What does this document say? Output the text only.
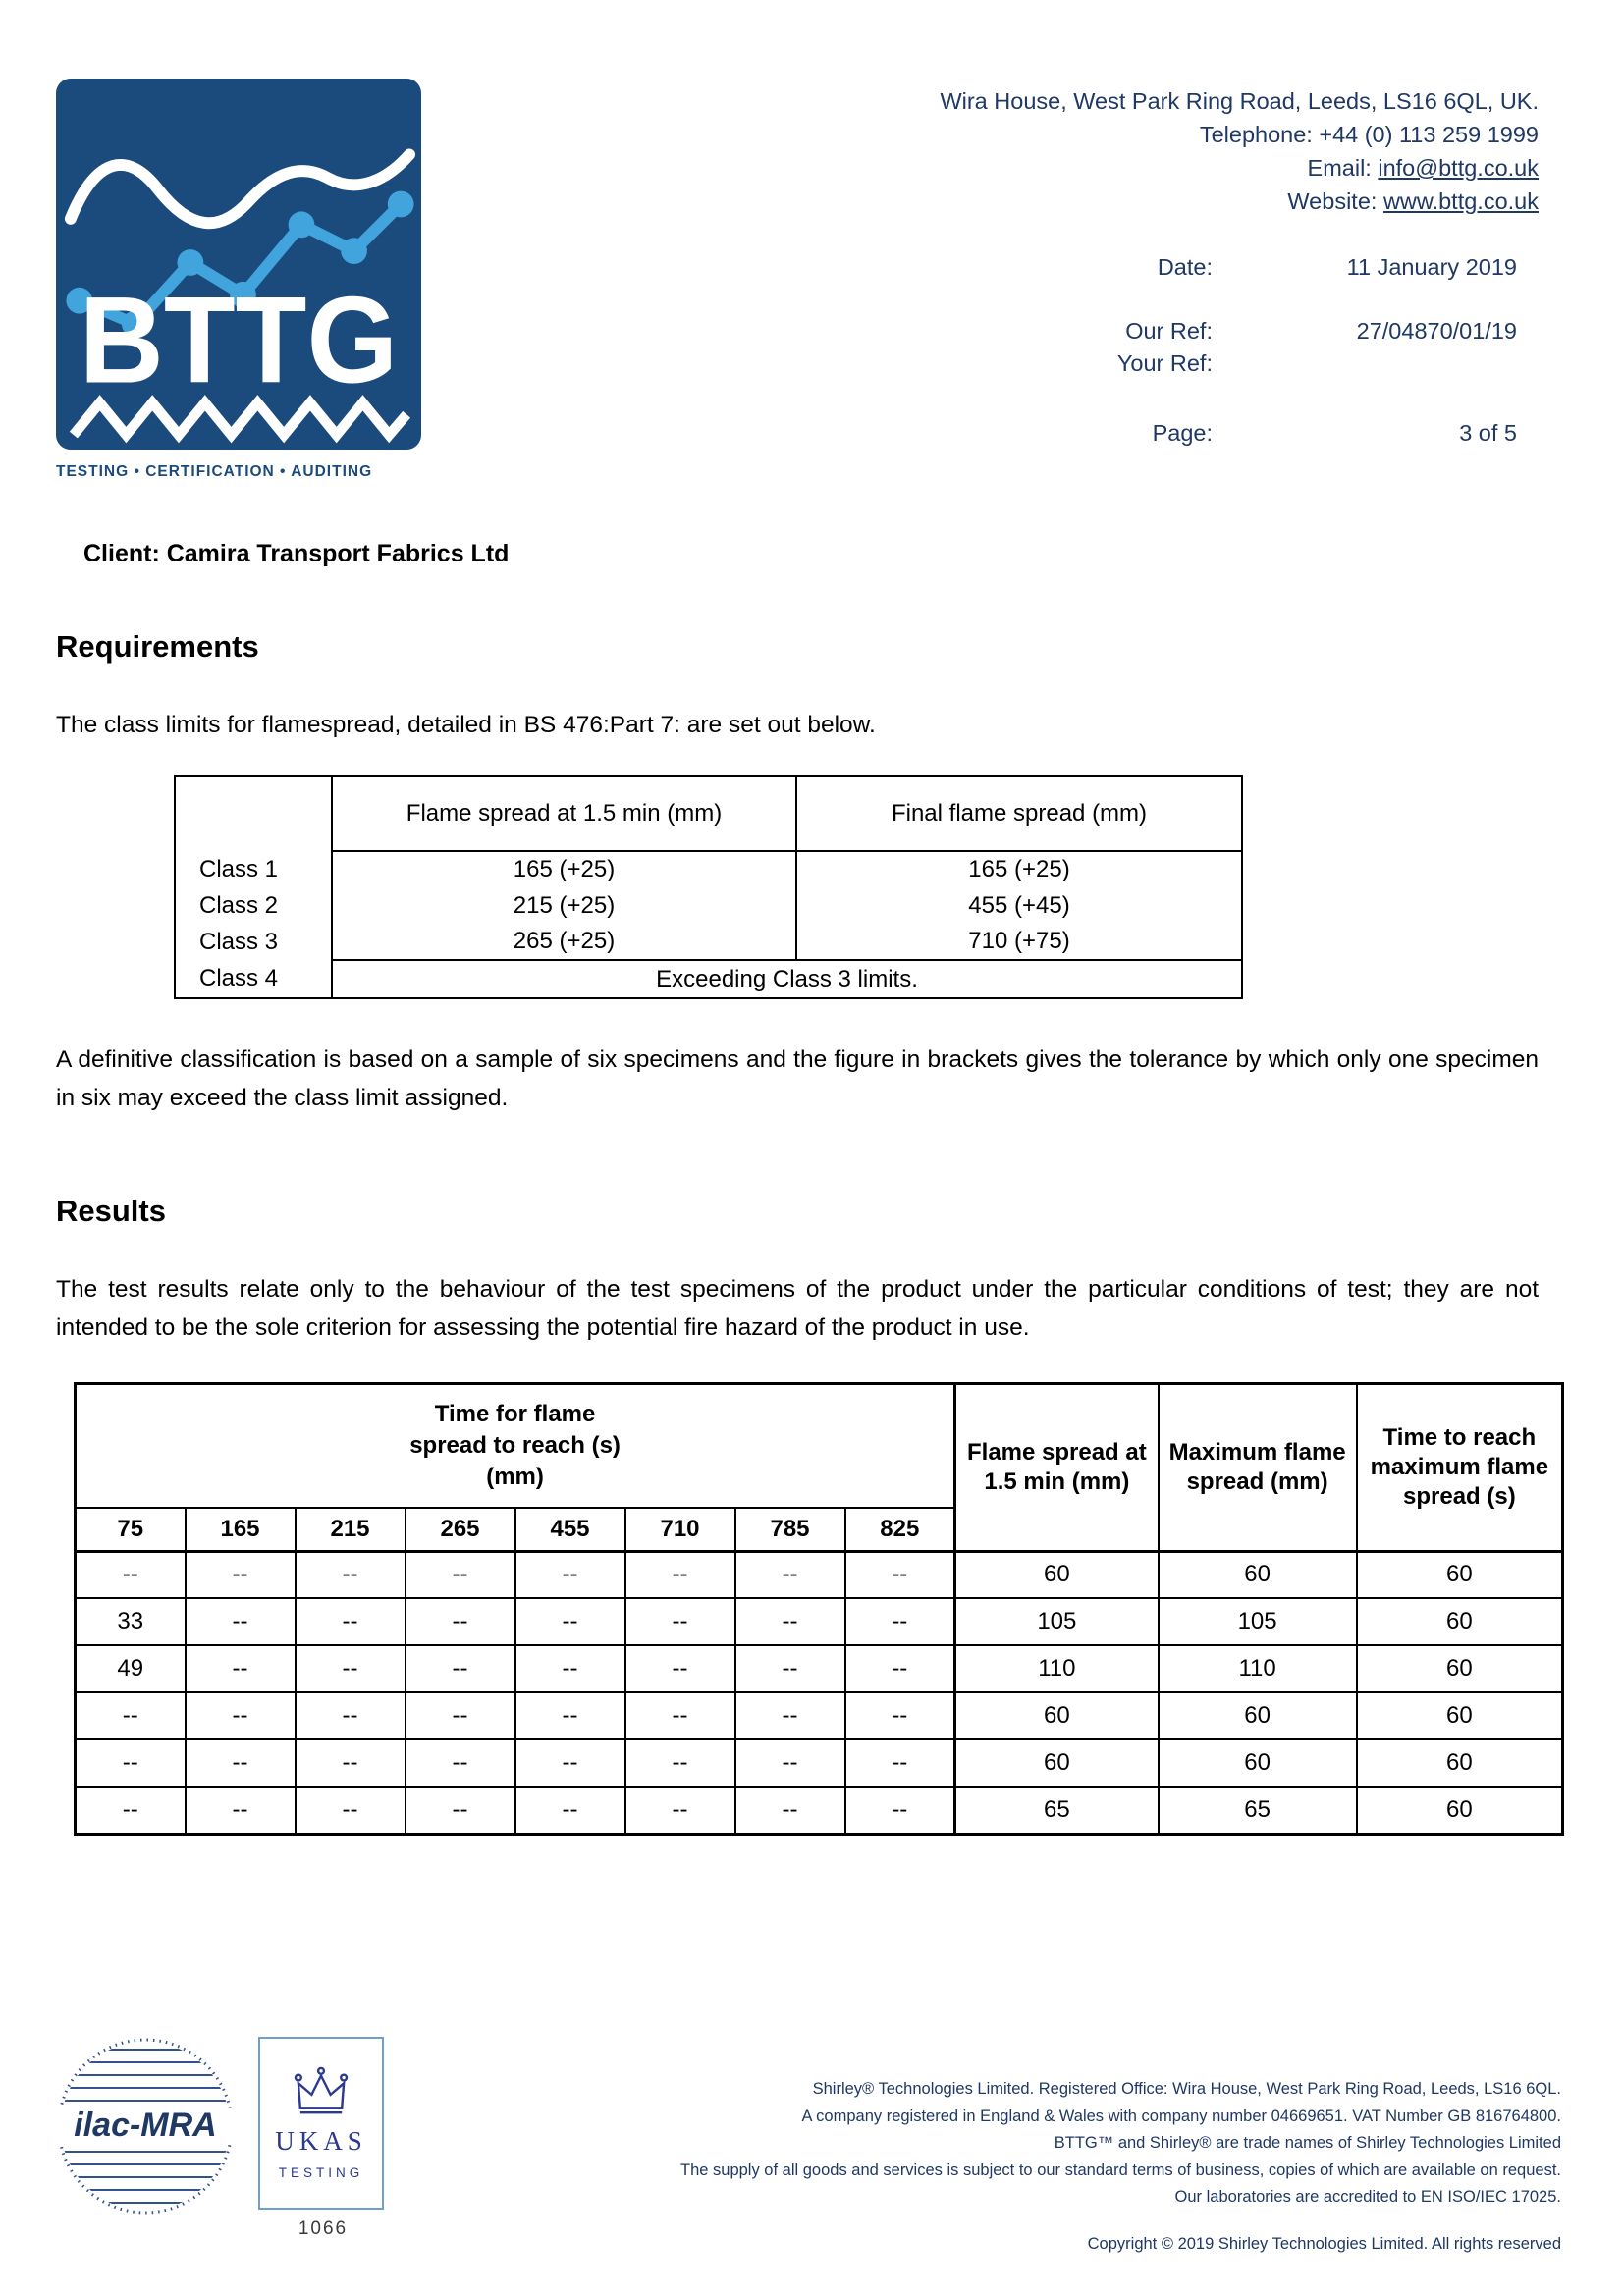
BTTG
TESTING • CERTIFICATION • AUDITING
Wira House, West Park Ring Road, Leeds, LS16 6QL, UK.
Telephone: +44 (0) 113 259 1999
Email: info@bttg.co.uk
Website: www.bttg.co.uk
Date:	11 January 2019
Our Ref:	27/04870/01/19
Your Ref:
Page:	3 of 5
Client: Camira Transport Fabrics Ltd
Requirements

The class limits for flamespread, detailed in BS 476:Part 7: are set out below.

	Flame spread at 1.5 min (mm)	Final flame spread (mm)
Class 1	165 (+25)	165 (+25)
Class 2	215 (+25)	455 (+45)
Class 3	265 (+25)	710 (+75)
Class 4	Exceeding Class 3 limits.	

A definitive classification is based on a sample of six specimens and the figure in brackets gives the tolerance by which only one specimen in six may exceed the class limit assigned.

Results

The test results relate only to the behaviour of the test specimens of the product under the particular conditions of test; they are not intended to be the sole criterion for assessing the potential fire hazard of the product in use.

Time for flame
spread to reach (s)
(mm)								Flame spread at 1.5 min (mm)	Maximum flame spread (mm)	Time to reach maximum flame spread (s)
75	165	215	265	455	710	785	825			
--	--	--	--	--	--	--	--	60	60	60
33	--	--	--	--	--	--	--	105	105	60
49	--	--	--	--	--	--	--	110	110	60
--	--	--	--	--	--	--	--	60	60	60
--	--	--	--	--	--	--	--	60	60	60
--	--	--	--	--	--	--	--	65	65	60
ilac-MRA UKAS
TESTING
1066
Shirley® Technologies Limited. Registered Office: Wira House, West Park Ring Road, Leeds, LS16 6QL.
A company registered in England & Wales with company number 04669651. VAT Number GB 816764800.
BTTG™ and Shirley® are trade names of Shirley Technologies Limited
The supply of all goods and services is subject to our standard terms of business, copies of which are available on request.
Our laboratories are accredited to EN ISO/IEC 17025.
Copyright © 2019 Shirley Technologies Limited. All rights reserved
